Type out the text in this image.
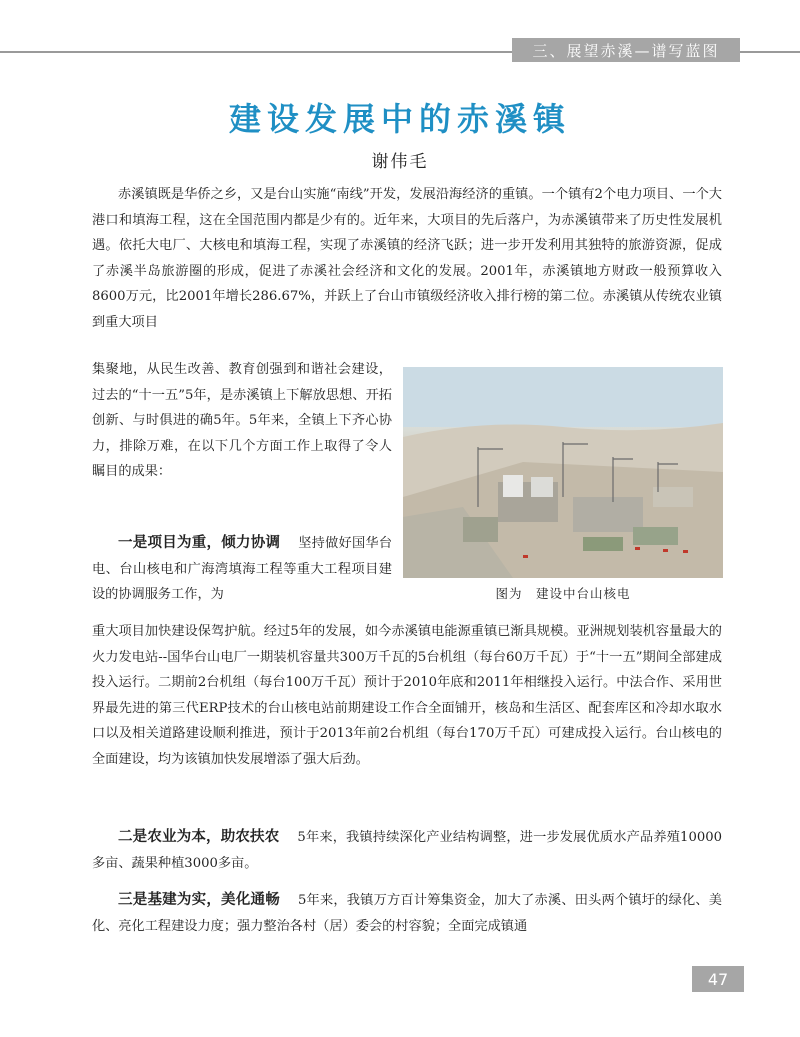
三、展望赤溪—谱写蓝图
建设发展中的赤溪镇
谢伟毛

赤溪镇既是华侨之乡，又是台山实施“南线”开发，发展沿海经济的重镇。一个镇有2个电力项目、一个大港口和填海工程，这在全国范围内都是少有的。近年来，大项目的先后落户，为赤溪镇带来了历史性发展机遇。依托大电厂、大核电和填海工程，实现了赤溪镇的经济飞跃；进一步开发利用其独特的旅游资源，促成了赤溪半岛旅游圈的形成，促进了赤溪社会经济和文化的发展。2001年，赤溪镇地方财政一般预算收入8600万元，比2001年增长286.67%，并跃上了台山市镇级经济收入排行榜的第二位。赤溪镇从传统农业镇到重大项目

集聚地，从民生改善、教育创强到和谐社会建设，过去的“十一五”5年，是赤溪镇上下解放思想、开拓创新、与时俱进的确5年。5年来，全镇上下齐心协力，排除万难，在以下几个方面工作上取得了令人瞩目的成果：

一是项目为重，倾力协调 坚持做好国华台电、台山核电和广海湾填海工程等重大工程项目建设的协调服务工作，为	图为　建设中台山核电

重大项目加快建设保驾护航。经过5年的发展，如今赤溪镇电能源重镇已渐具规模。亚洲规划装机容量最大的火力发电站--国华台山电厂一期装机容量共300万千瓦的5台机组（每台60万千瓦）于“十一五”期间全部建成投入运行。二期前2台机组（每台100万千瓦）预计于2010年底和2011年相继投入运行。中法合作、采用世界最先进的第三代ERP技术的台山核电站前期建设工作合全面铺开，核岛和生活区、配套库区和冷却水取水口以及相关道路建设顺利推进，预计于2013年前2台机组（每台170万千瓦）可建成投入运行。台山核电的全面建设，均为该镇加快发展增添了强大后劲。

二是农业为本，助农扶农 5年来，我镇持续深化产业结构调整，进一步发展优质水产品养殖10000多亩、蔬果种植3000多亩。

三是基建为实，美化通畅 5年来，我镇万方百计筹集资金，加大了赤溪、田头两个镇圩的绿化、美化、亮化工程建设力度；强力整治各村（居）委会的村容貌；全面完成镇通

47
